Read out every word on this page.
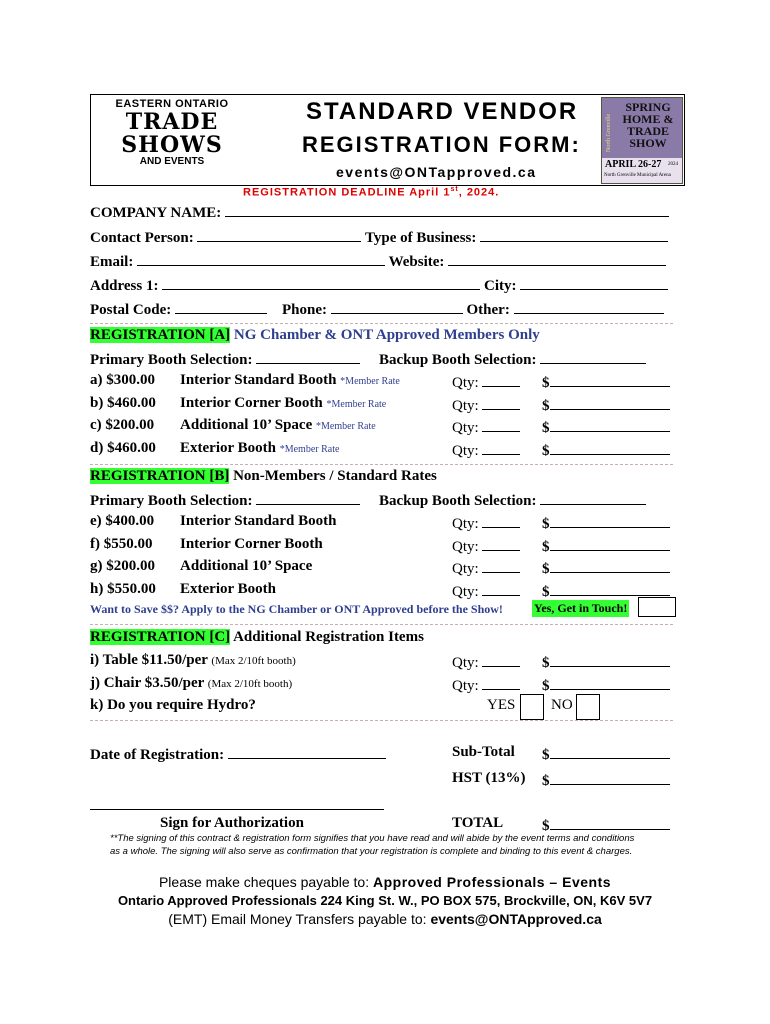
EASTERN ONTARIO
TRADE
SHOWS
AND EVENTS
STANDARD VENDOR
REGISTRATION FORM:
events@ONTapproved.ca
North Grenville
SPRING
HOME &
TRADE
SHOW
APRIL 26-27 2024
North Grenville Municipal Arena
REGISTRATION DEADLINE April 1st, 2024.
COMPANY NAME:
Contact Person:	Type of Business:
Email:	Website:
Address 1:	City:
Postal Code:	Phone:	Other:
REGISTRATION [A] NG Chamber & ONT Approved Members Only
Primary Booth Selection:	Backup Booth Selection:
a) $300.00 Interior Standard Booth *Member Rate	Qty:	$
b) $460.00 Interior Corner Booth *Member Rate	Qty:	$
c) $200.00 Additional 10’ Space *Member Rate	Qty:	$
d) $460.00 Exterior Booth *Member Rate	Qty:	$
REGISTRATION [B] Non-Members / Standard Rates
Primary Booth Selection:	Backup Booth Selection:
e) $400.00 Interior Standard Booth	Qty:	$
f) $550.00 Interior Corner Booth	Qty:	$
g) $200.00 Additional 10’ Space	Qty:	$
h) $550.00 Exterior Booth	Qty:	$
Want to Save $$? Apply to the NG Chamber or ONT Approved before the Show!	Yes, Get in Touch!
REGISTRATION [C] Additional Registration Items
i) Table $11.50/per (Max 2/10ft booth)	Qty:	$
j) Chair $3.50/per (Max 2/10ft booth)	Qty:	$
k) Do you require Hydro?	YES NO
Date of Registration:	Sub-Total $
HST (13%) $
Sign for Authorization	TOTAL	$
**The signing of this contract & registration form signifies that you have read and will abide by the event terms and conditions
as a whole. The signing will also serve as confirmation that your registration is complete and binding to this event & charges.
Please make cheques payable to: Approved Professionals – Events
Ontario Approved Professionals 224 King St. W., PO BOX 575, Brockville, ON, K6V 5V7
(EMT) Email Money Transfers payable to: events@ONTApproved.ca
